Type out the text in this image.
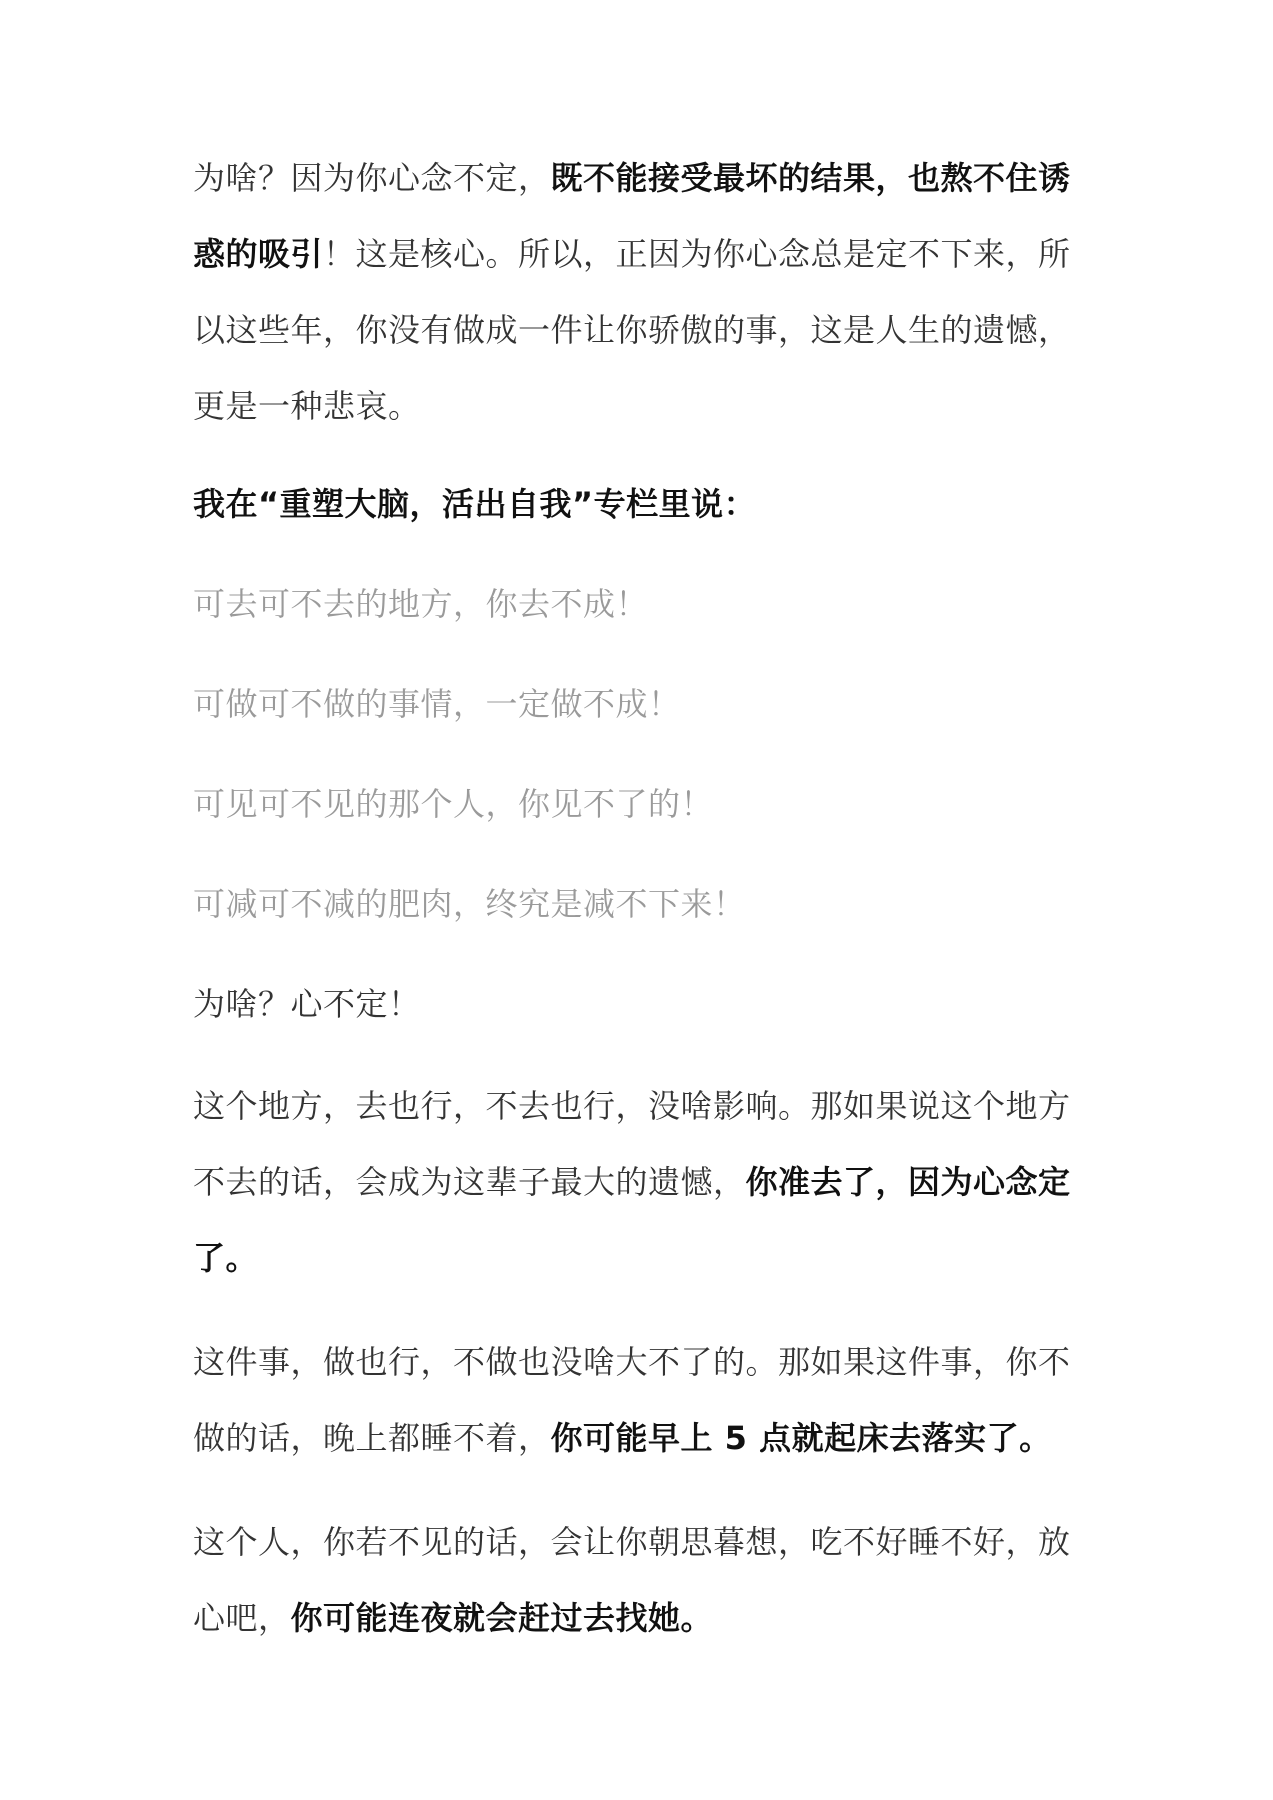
为啥？因为你心念不定，既不能接受最坏的结果，也熬不住诱惑的吸引！这是核心。所以，正因为你心念总是定不下来，所以这些年，你没有做成一件让你骄傲的事，这是人生的遗憾，更是一种悲哀。

我在“重塑大脑，活出自我”专栏里说：

可去可不去的地方，你去不成！

可做可不做的事情，一定做不成！

可见可不见的那个人，你见不了的！

可减可不减的肥肉，终究是减不下来！

为啥？心不定！

这个地方，去也行，不去也行，没啥影响。那如果说这个地方不去的话，会成为这辈子最大的遗憾，你准去了，因为心念定了。

这件事，做也行，不做也没啥大不了的。那如果这件事，你不做的话，晚上都睡不着，你可能早上 5 点就起床去落实了。

这个人，你若不见的话，会让你朝思暮想，吃不好睡不好，放心吧，你可能连夜就会赶过去找她。
